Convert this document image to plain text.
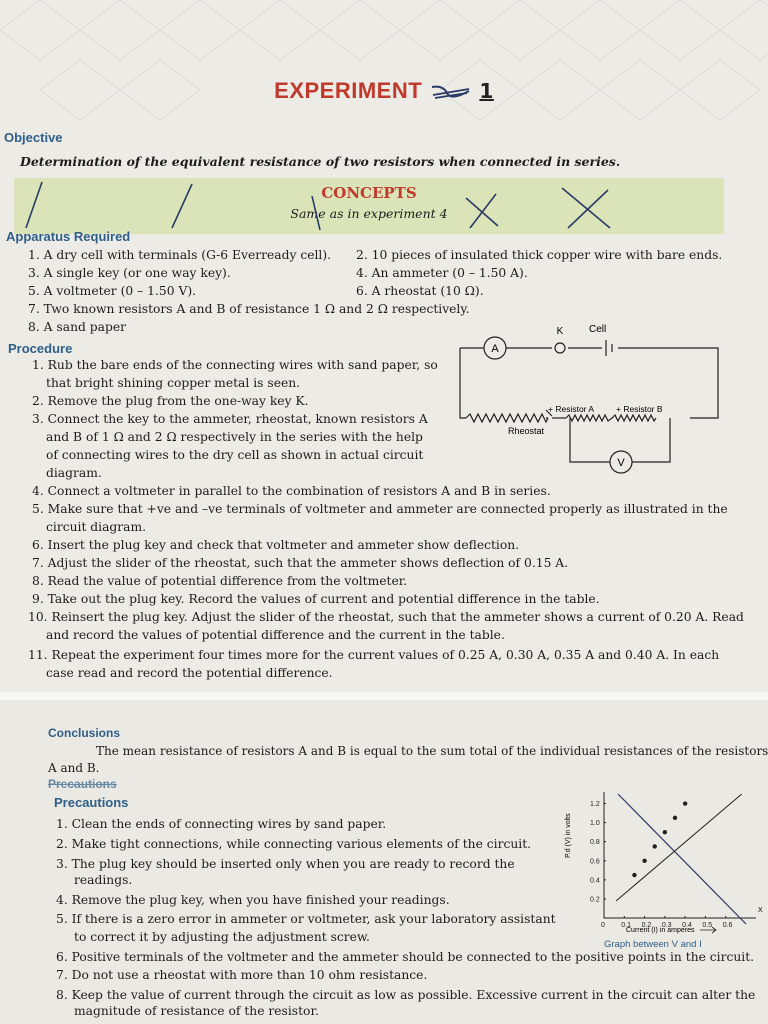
EXPERIMENT	1
Objective
Determination of the equivalent resistance of two resistors when connected in series.
CONCEPTS
Same as in experiment 4
Apparatus Required
1. A dry cell with terminals (G-6 Everready cell). 2. 10 pieces of insulated thick copper wire with bare ends.
3. A single key (or one way key).	4. An ammeter (0 – 1.50 A).
5. A voltmeter (0 – 1.50 V).	6. A rheostat (10 Ω).
7. Two known resistors A and B of resistance 1 Ω and 2 Ω respectively.
8. A sand paper
Procedure
1. Rub the bare ends of the connecting wires with sand paper, so
that bright shining copper metal is seen.
2. Remove the plug from the one-way key K.
3. Connect the key to the ammeter, rheostat, known resistors A
and B of 1 Ω and 2 Ω respectively in the series with the help
of connecting wires to the dry cell as shown in actual circuit
diagram.
4. Connect a voltmeter in parallel to the combination of resistors A and B in series.
5. Make sure that +ve and –ve terminals of voltmeter and ammeter are connected properly as illustrated in the
circuit diagram.
6. Insert the plug key and check that voltmeter and ammeter show deflection.
7. Adjust the slider of the rheostat, such that the ammeter shows deflection of 0.15 A.
8. Read the value of potential difference from the voltmeter.
9. Take out the plug key. Record the values of current and potential difference in the table.
10. Reinsert the plug key. Adjust the slider of the rheostat, such that the ammeter shows a current of 0.20 A. Read
and record the values of potential difference and the current in the table.
11. Repeat the experiment four times more for the current values of 0.25 A, 0.30 A, 0.35 A and 0.40 A. In each
case read and record the potential difference.
A
V
K	Cell
Rheostat
+ Resistor A	+ Resistor B
Conclusions
The mean resistance of resistors A and B is equal to the sum total of the individual resistances of the resistors
A and B.
Precautions
Precautions
1. Clean the ends of connecting wires by sand paper.
2. Make tight connections, while connecting various elements of the circuit.
3. The plug key should be inserted only when you are ready to record the
readings.
4. Remove the plug key, when you have finished your readings.
5. If there is a zero error in ammeter or voltmeter, ask your laboratory assistant
to correct it by adjusting the adjustment screw.
6. Positive terminals of the voltmeter and the ammeter should be connected to the positive points in the circuit.
7. Do not use a rheostat with more than 10 ohm resistance.
8. Keep the value of current through the circuit as low as possible. Excessive current in the circuit can alter the
magnitude of resistance of the resistor.
0 0.1 0.2 0.3 0.4 0.5 0.6
0.2
0.4
0.6
0.8
1.0
1.2
P.d (V) in volts
Current (I) in amperes
Graph between V and I
X
